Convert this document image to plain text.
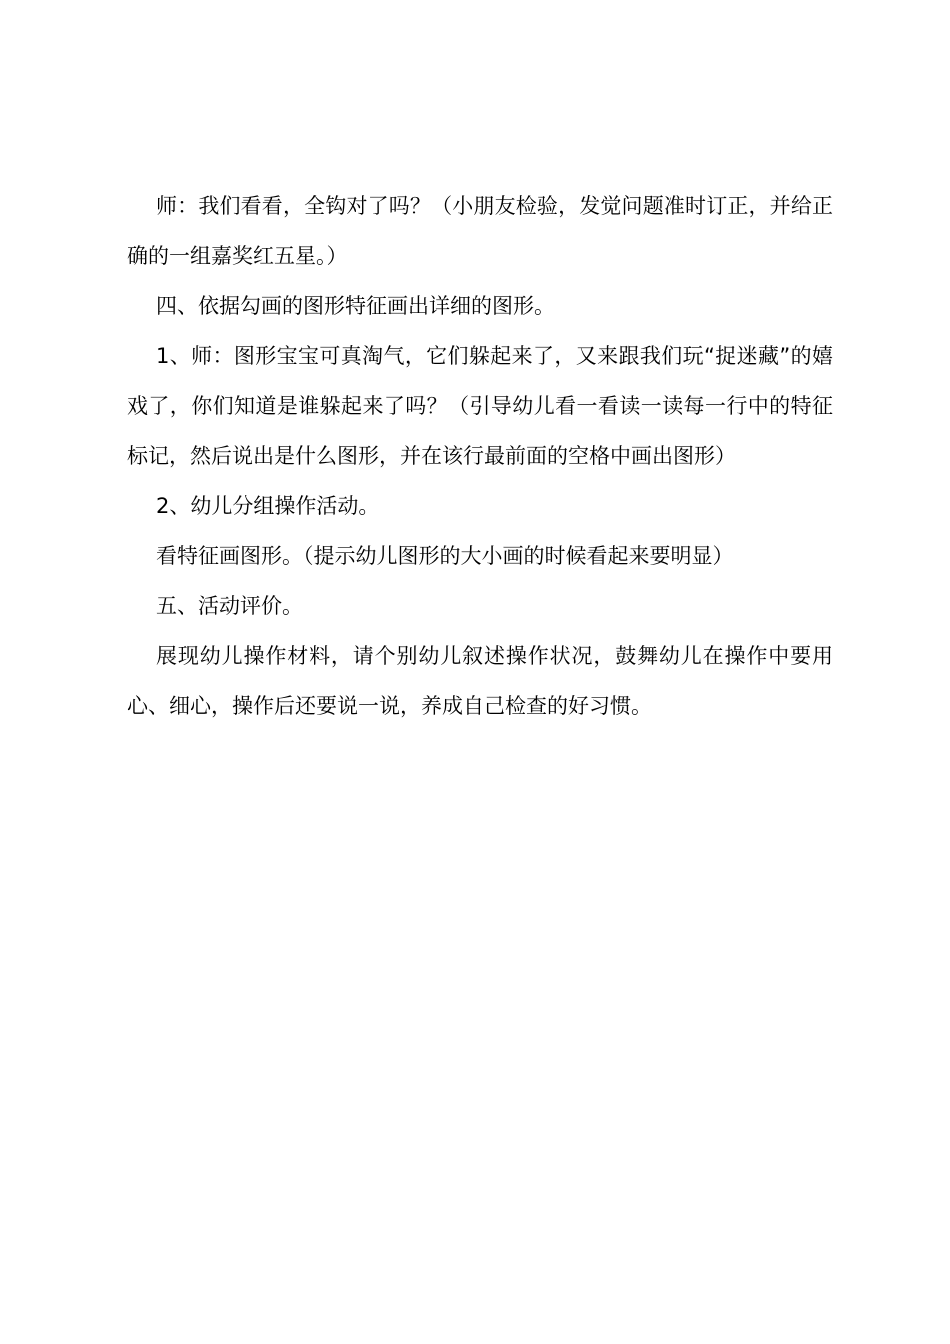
师：我们看看，全钩对了吗？（小朋友检验，发觉问题准时订正，并给正确的一组嘉奖红五星。）

四、依据勾画的图形特征画出详细的图形。

1、师：图形宝宝可真淘气，它们躲起来了，又来跟我们玩“捉迷藏”的嬉戏了，你们知道是谁躲起来了吗？（引导幼儿看一看读一读每一行中的特征标记，然后说出是什么图形，并在该行最前面的空格中画出图形）

2、幼儿分组操作活动。

看特征画图形。（提示幼儿图形的大小画的时候看起来要明显）

五、活动评价。

展现幼儿操作材料，请个别幼儿叙述操作状况，鼓舞幼儿在操作中要用心、细心，操作后还要说一说，养成自己检查的好习惯。
